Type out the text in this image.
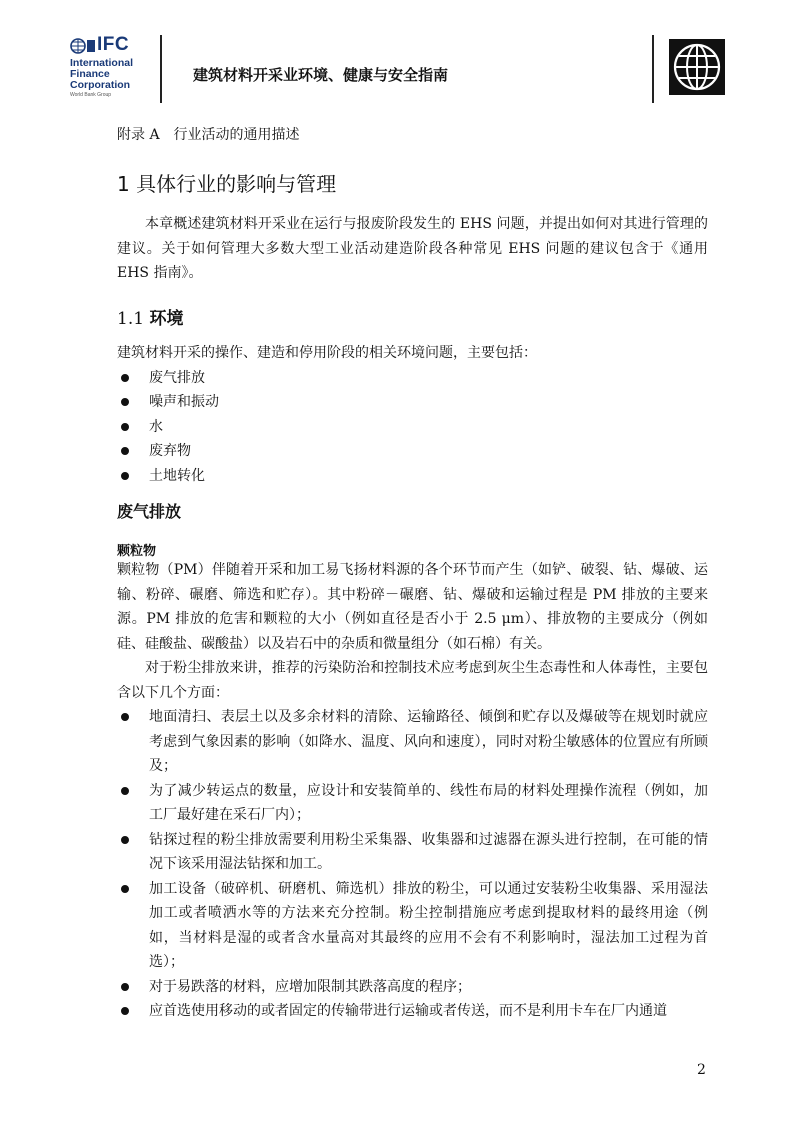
IFC
International
Finance
Corporation
World Bank Group
建筑材料开采业环境、健康与安全指南
附录 A　行业活动的通用描述
1 具体行业的影响与管理

本章概述建筑材料开采业在运行与报废阶段发生的 EHS 问题，并提出如何对其进行管理的建议。关于如何管理大多数大型工业活动建造阶段各种常见 EHS 问题的建议包含于《通用 EHS 指南》。

1.1 环境

建筑材料开采的操作、建造和停用阶段的相关环境问题，主要包括：

废气排放
噪声和振动
水
废弃物
土地转化
废气排放
颗粒物

颗粒物（PM）伴随着开采和加工易飞扬材料源的各个环节而产生（如铲、破裂、钻、爆破、运输、粉碎、碾磨、筛选和贮存）。其中粉碎－碾磨、钻、爆破和运输过程是 PM 排放的主要来源。PM 排放的危害和颗粒的大小（例如直径是否小于 2.5 μm）、排放物的主要成分（例如硅、硅酸盐、碳酸盐）以及岩石中的杂质和微量组分（如石棉）有关。

对于粉尘排放来讲，推荐的污染防治和控制技术应考虑到灰尘生态毒性和人体毒性，主要包含以下几个方面：

地面清扫、表层土以及多余材料的清除、运输路径、倾倒和贮存以及爆破等在规划时就应考虑到气象因素的影响（如降水、温度、风向和速度），同时对粉尘敏感体的位置应有所顾及；
为了减少转运点的数量，应设计和安装简单的、线性布局的材料处理操作流程（例如，加工厂最好建在采石厂内）；
钻探过程的粉尘排放需要利用粉尘采集器、收集器和过滤器在源头进行控制，在可能的情况下该采用湿法钻探和加工。
加工设备（破碎机、研磨机、筛选机）排放的粉尘，可以通过安装粉尘收集器、采用湿法加工或者喷洒水等的方法来充分控制。粉尘控制措施应考虑到提取材料的最终用途（例如，当材料是湿的或者含水量高对其最终的应用不会有不利影响时，湿法加工过程为首选）；
对于易跌落的材料，应增加限制其跌落高度的程序；
应首选使用移动的或者固定的传输带进行运输或者传送，而不是利用卡车在厂内通道
2
